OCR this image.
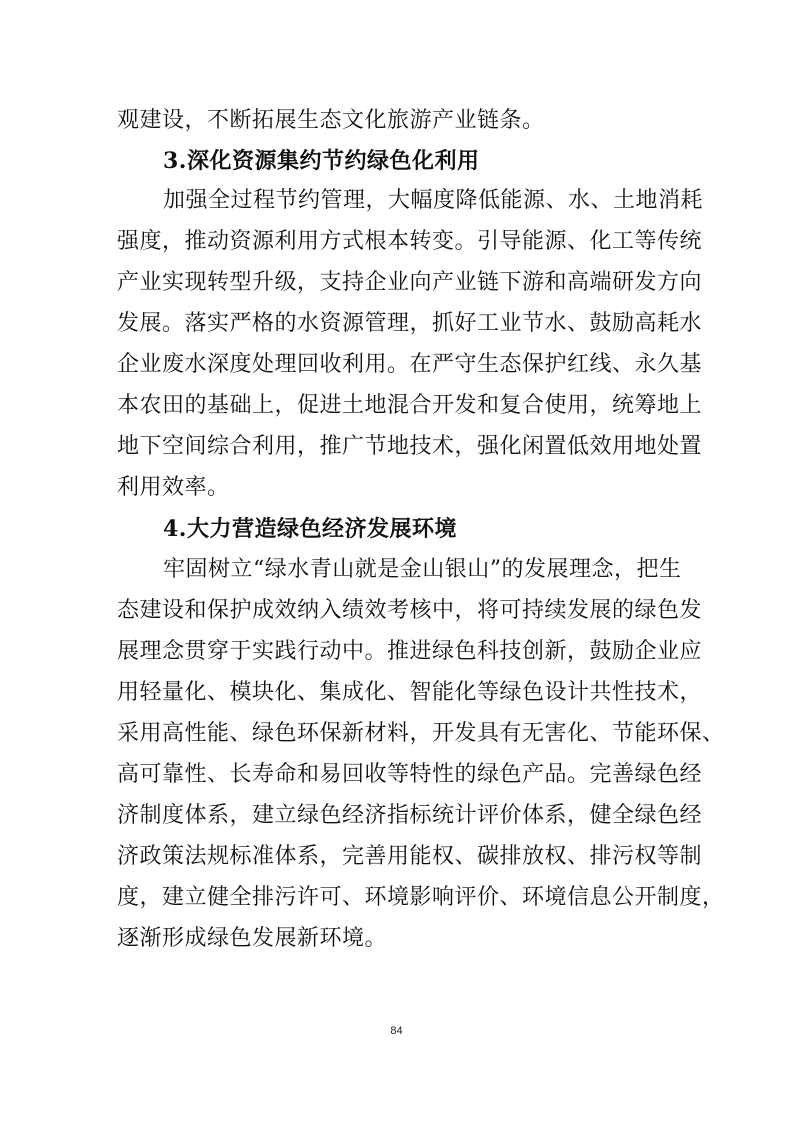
观建设，不断拓展生态文化旅游产业链条。
3.深化资源集约节约绿色化利用
加强全过程节约管理，大幅度降低能源、水、土地消耗
强度，推动资源利用方式根本转变。引导能源、化工等传统
产业实现转型升级，支持企业向产业链下游和高端研发方向
发展。落实严格的水资源管理，抓好工业节水、鼓励高耗水
企业废水深度处理回收利用。在严守生态保护红线、永久基
本农田的基础上，促进土地混合开发和复合使用，统筹地上
地下空间综合利用，推广节地技术，强化闲置低效用地处置
利用效率。
4.大力营造绿色经济发展环境
牢固树立“绿水青山就是金山银山”的发展理念，把生
态建设和保护成效纳入绩效考核中，将可持续发展的绿色发
展理念贯穿于实践行动中。推进绿色科技创新，鼓励企业应
用轻量化、模块化、集成化、智能化等绿色设计共性技术，
采用高性能、绿色环保新材料，开发具有无害化、节能环保、
高可靠性、长寿命和易回收等特性的绿色产品。完善绿色经
济制度体系，建立绿色经济指标统计评价体系，健全绿色经
济政策法规标准体系，完善用能权、碳排放权、排污权等制
度，建立健全排污许可、环境影响评价、环境信息公开制度，
逐渐形成绿色发展新环境。
84
